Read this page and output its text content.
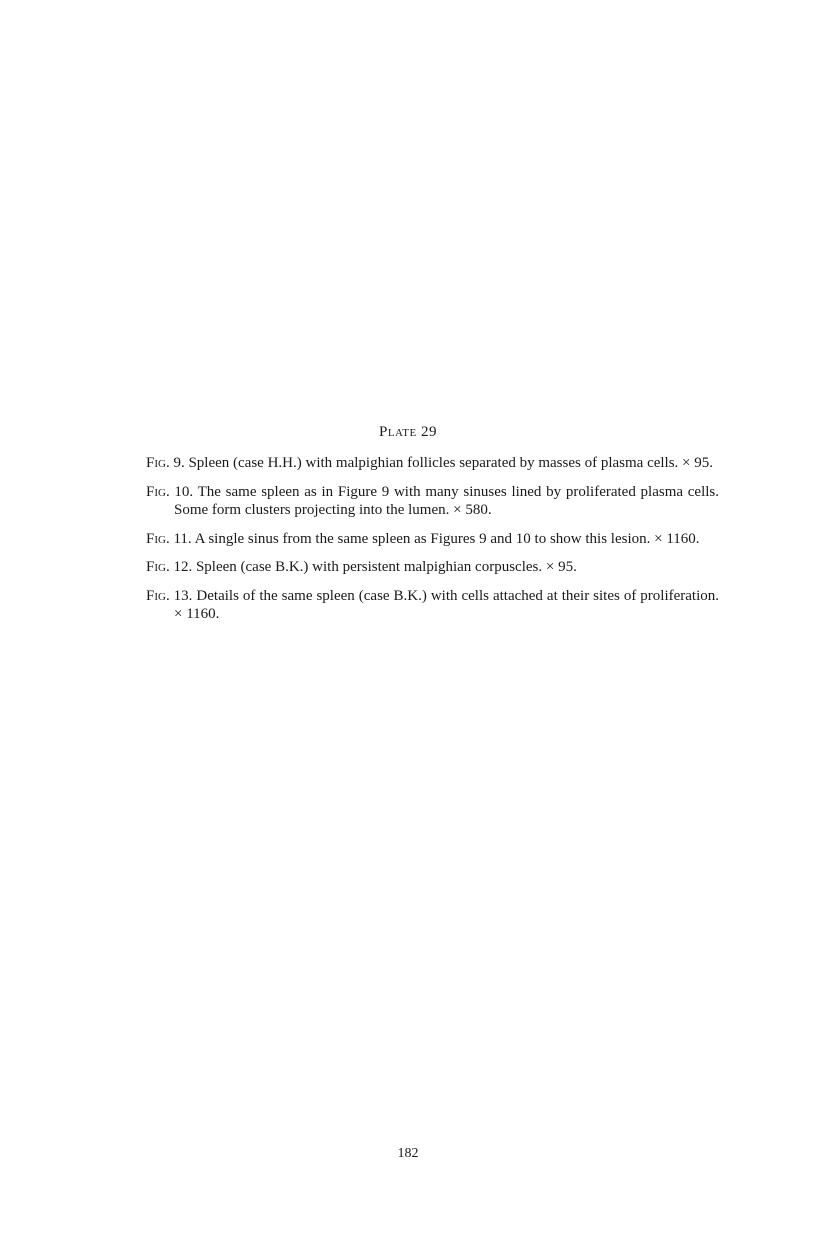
Plate 29

Fig. 9. Spleen (case H.H.) with malpighian follicles separated by masses of plasma cells. × 95.

Fig. 10. The same spleen as in Figure 9 with many sinuses lined by proliferated plasma cells. Some form clusters projecting into the lumen. × 580.

Fig. 11. A single sinus from the same spleen as Figures 9 and 10 to show this lesion. × 1160.

Fig. 12. Spleen (case B.K.) with persistent malpighian corpuscles. × 95.

Fig. 13. Details of the same spleen (case B.K.) with cells attached at their sites of proliferation. × 1160.

182
